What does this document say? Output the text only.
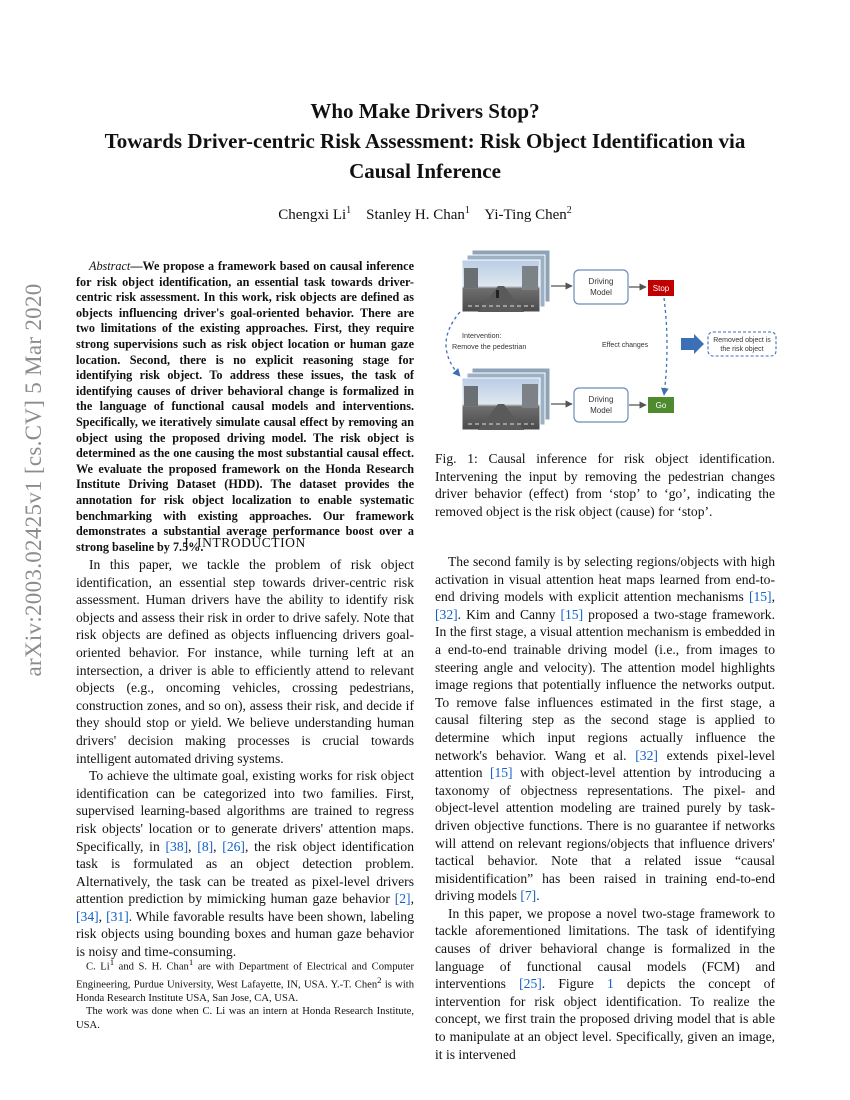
Who Make Drivers Stop?
Towards Driver-centric Risk Assessment: Risk Object Identification via
Causal Inference
Chengxi Li$^1$ Stanley H. Chan$^1$ Yi-Ting Chen$^2$
arXiv:2003.02425v1 [cs.CV] 5 Mar 2020

Abstract—We propose a framework based on causal inference for risk object identification, an essential task towards driver-centric risk assessment. In this work, risk objects are defined as objects influencing driver's goal-oriented behavior. There are two limitations of the existing approaches. First, they require strong supervisions such as risk object location or human gaze location. Second, there is no explicit reasoning stage for identifying risk object. To address these issues, the task of identifying causes of driver behavioral change is formalized in the language of functional causal models and interventions. Specifically, we iteratively simulate causal effect by removing an object using the proposed driving model. The risk object is determined as the one causing the most substantial causal effect. We evaluate the proposed framework on the Honda Research Institute Driving Dataset (HDD). The dataset provides the annotation for risk object localization to enable systematic benchmarking with existing approaches. Our framework demonstrates a substantial average performance boost over a strong baseline by 7.5%.

I. INTRODUCTION

In this paper, we tackle the problem of risk object identification, an essential step towards driver-centric risk assessment. Human drivers have the ability to identify risk objects and assess their risk in order to drive safely. Note that risk objects are defined as objects influencing drivers goal-oriented behavior. For instance, while turning left at an intersection, a driver is able to efficiently attend to relevant objects (e.g., oncoming vehicles, crossing pedestrians, construction zones, and so on), assess their risk, and decide if they should stop or yield. We believe understanding human drivers' decision making processes is crucial towards intelligent automated driving systems.

To achieve the ultimate goal, existing works for risk object identification can be categorized into two families. First, supervised learning-based algorithms are trained to regress risk objects' location or to generate drivers' attention maps. Specifically, in [38], [8], [26], the risk object identification task is formulated as an object detection problem. Alternatively, the task can be treated as pixel-level drivers attention prediction by mimicking human gaze behavior [2], [34], [31]. While favorable results have been shown, labeling risk objects using bounding boxes and human gaze behavior is noisy and time-consuming.

C. Li$^1$ and S. H. Chan$^1$ are with Department of Electrical and Computer Engineering, Purdue University, West Lafayette, IN, USA. Y.-T. Chen$^2$ is with Honda Research Institute USA, San Jose, CA, USA.

The work was done when C. Li was an intern at Honda Research Institute, USA.

Driving
Model
Driving
Model
Stop
Go
Intervention:
Remove the pedestrian	Effect changes
Removed object is
the risk object
Fig. 1: Causal inference for risk object identification. Intervening the input by removing the pedestrian changes driver behavior (effect) from ‘stop’ to ‘go’, indicating the removed object is the risk object (cause) for ‘stop’.

The second family is by selecting regions/objects with high activation in visual attention heat maps learned from end-to-end driving models with explicit attention mechanisms [15], [32]. Kim and Canny [15] proposed a two-stage framework. In the first stage, a visual attention mechanism is embedded in a end-to-end trainable driving model (i.e., from images to steering angle and velocity). The attention model highlights image regions that potentially influence the networks output. To remove false influences estimated in the first stage, a causal filtering step as the second stage is applied to determine which input regions actually influence the network's behavior. Wang et al. [32] extends pixel-level attention [15] with object-level attention by introducing a taxonomy of objectness representations. The pixel- and object-level attention modeling are trained purely by task-driven objective functions. There is no guarantee if networks will attend on relevant regions/objects that influence drivers' tactical behavior. Note that a related issue “causal misidentification” has been raised in training end-to-end driving models [7].

In this paper, we propose a novel two-stage framework to tackle aforementioned limitations. The task of identifying causes of driver behavioral change is formalized in the language of functional causal models (FCM) and interventions [25]. Figure 1 depicts the concept of intervention for risk object identification. To realize the concept, we first train the proposed driving model that is able to manipulate at an object level. Specifically, given an image, it is intervened
